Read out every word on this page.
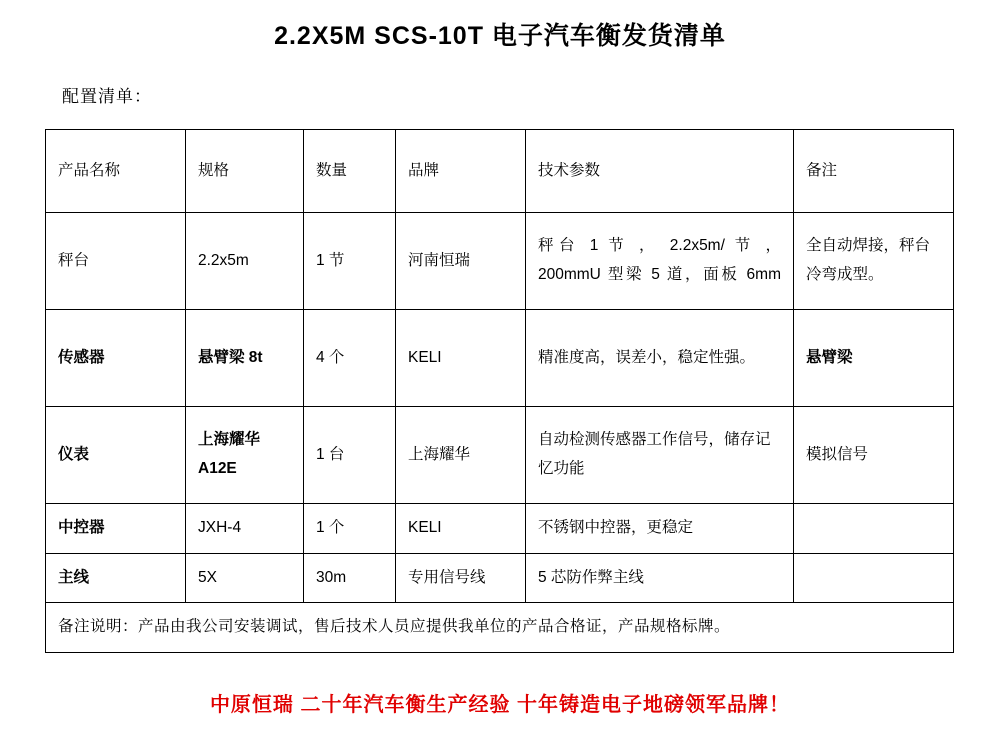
2.2X5M SCS-10T 电子汽车衡发货清单
配置清单：
产品名称	规格	数量	品牌	技术参数	备注
秤台	2.2x5m	1 节	河南恒瑞	秤台 1 节 ， 2.2x5m/ 节 ， 200mmU 型梁 5 道，面板 6mm	全自动焊接，秤台冷弯成型。
传感器	悬臂梁 8t	4 个	KELI	精准度高，误差小，稳定性强。	悬臂梁
仪表	上海耀华 A12E	1 台	上海耀华	自动检测传感器工作信号，储存记忆功能	模拟信号
中控器	JXH-4	1 个	KELI	不锈钢中控器，更稳定	
主线	5X	30m	专用信号线	5 芯防作弊主线	
备注说明：产品由我公司安装调试，售后技术人员应提供我单位的产品合格证，产品规格标牌。					
中原恒瑞 二十年汽车衡生产经验 十年铸造电子地磅领军品牌！
